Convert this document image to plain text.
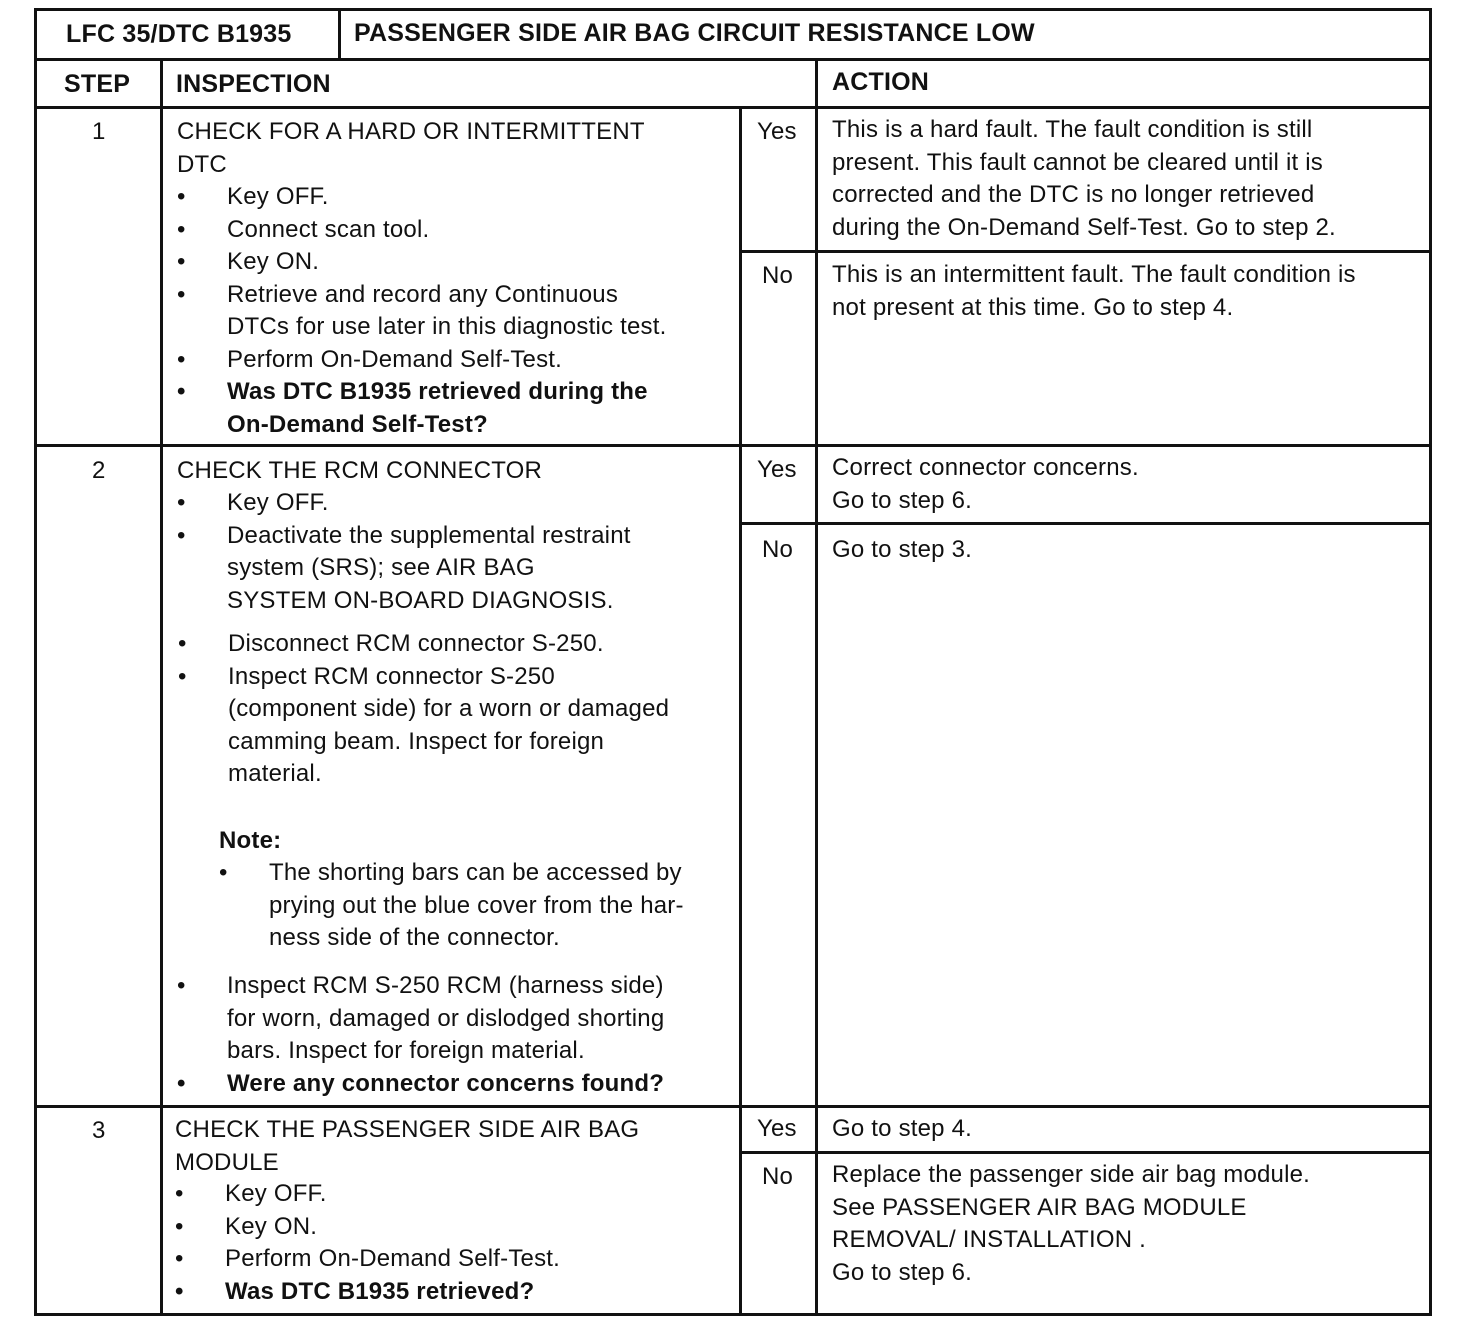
LFC 35/DTC B1935	PASSENGER SIDE AIR BAG CIRCUIT RESISTANCE LOW
STEP INSPECTION	ACTION
1	CHECK FOR A HARD OR INTERMITTENT
DTC
• Key OFF.
• Connect scan tool.
• Key ON.
• Retrieve and record any Continuous
DTCs for use later in this diagnostic test.
• Perform On-Demand Self-Test.
• Was DTC B1935 retrieved during the
On-Demand Self-Test?
Yes This is a hard fault. The fault condition is still
present. This fault cannot be cleared until it is
corrected and the DTC is no longer retrieved
during the On-Demand Self-Test. Go to step 2.
No This is an intermittent fault. The fault condition is
not present at this time. Go to step 4.
2	CHECK THE RCM CONNECTOR
• Key OFF.
• Deactivate the supplemental restraint
system (SRS); see AIR BAG
SYSTEM ON-BOARD DIAGNOSIS.
• Disconnect RCM connector S-250.
• Inspect RCM connector S-250
(component side) for a worn or damaged
camming beam. Inspect for foreign
material.
Note:
• The shorting bars can be accessed by
prying out the blue cover from the har-
ness side of the connector.
• Inspect RCM S-250 RCM (harness side)
for worn, damaged or dislodged shorting
bars. Inspect for foreign material.
• Were any connector concerns found?
Yes Correct connector concerns.
Go to step 6.
No Go to step 3.
3	CHECK THE PASSENGER SIDE AIR BAG
MODULE
• Key OFF.
• Key ON.
• Perform On-Demand Self-Test.
• Was DTC B1935 retrieved?
Yes Go to step 4.
No Replace the passenger side air bag module.
See PASSENGER AIR BAG MODULE
REMOVAL/ INSTALLATION .
Go to step 6.
